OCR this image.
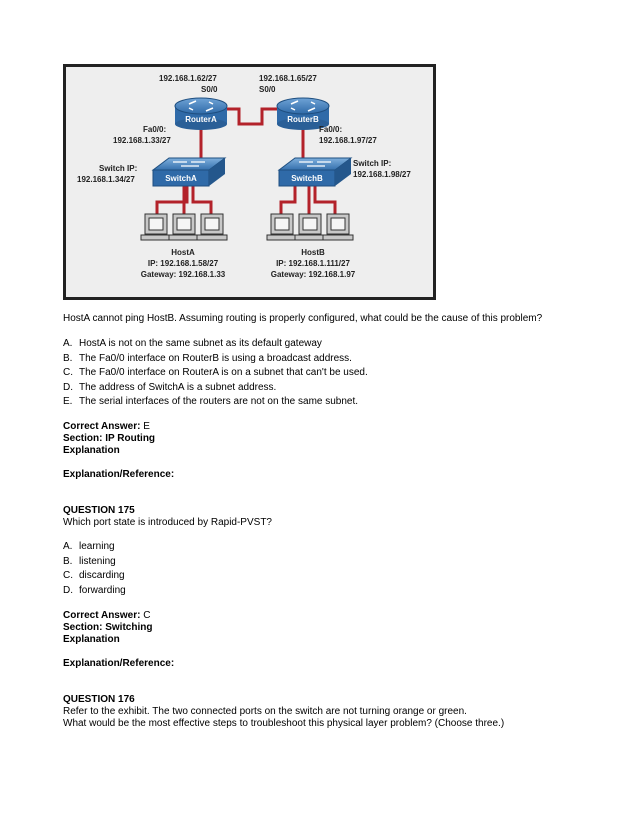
RouterA	RouterB
SwitchA	SwitchB
192.168.1.62/27
S0/0
192.168.1.65/27
S0/0
Fa0/0:
192.168.1.33/27
Fa0/0:
192.168.1.97/27
Switch IP:
192.168.1.34/27
Switch IP:
192.168.1.98/27
HostA
IP: 192.168.1.58/27
Gateway: 192.168.1.33
HostB
IP: 192.168.1.111/27
Gateway: 192.168.1.97
HostA cannot ping HostB. Assuming routing is properly configured, what could be the cause of this problem?
A. HostA is not on the same subnet as its default gateway
B. The Fa0/0 interface on RouterB is using a broadcast address.
C. The Fa0/0 interface on RouterA is on a subnet that can't be used.
D. The address of SwitchA is a subnet address.
E. The serial interfaces of the routers are not on the same subnet.
Correct Answer: E
Section: IP Routing
Explanation
Explanation/Reference:
QUESTION 175
Which port state is introduced by Rapid-PVST?
A. learning
B. listening
C. discarding
D. forwarding
Correct Answer: C
Section: Switching
Explanation
Explanation/Reference:
QUESTION 176
Refer to the exhibit. The two connected ports on the switch are not turning orange or green.
What would be the most effective steps to troubleshoot this physical layer problem? (Choose three.)
